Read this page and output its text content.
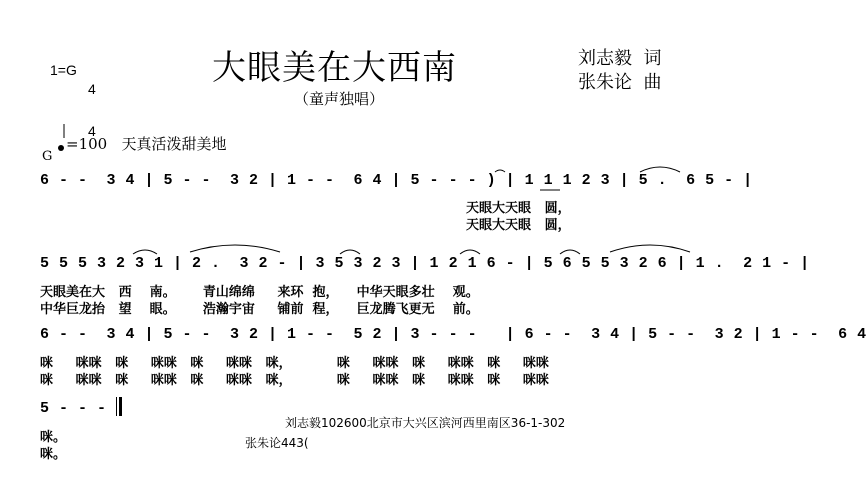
大眼美在大西南
（童声独唱）
1=G

4

4

刘志毅  词
张朱论  曲
=100   天真活泼甜美地
G
6 - -  3 4 | 5 - -  3 2 | 1 - -  6 4 | 5 - - - ) | 1 1 1 2 3 | 5 .  6 5 - |
天眼大天眼   圆，
天眼大天眼   圆，
5 5 5 3 2 3 1 | 2 .  3 2 - | 3 5 3 2 3 | 1 2 1 6 - | 5 6 5 5 3 2 6 | 1 .  2 1 - |
天眼美在大   西    南。      青山绵绵     来环  抱，    中华天眼多壮    观。
中华巨龙抬   望    眼。      浩瀚宇宙     铺前  程，    巨龙腾飞更无    前。
6 - -  3 4 | 5 - -  3 2 | 1 - -  5 2 | 3 - - -   | 6 - -  3 4 | 5 - -  3 2 | 1 - -  6 4
咪     咪咪   咪     咪咪   咪     咪咪   咪，          咪     咪咪   咪     咪咪   咪     咪咪
咪     咪咪   咪     咪咪   咪     咪咪   咪，          咪     咪咪   咪     咪咪   咪     咪咪
5 - - -
咪。
咪。
刘志毅102600北京市大兴区滨河西里南区36-1-302
张朱论443(
